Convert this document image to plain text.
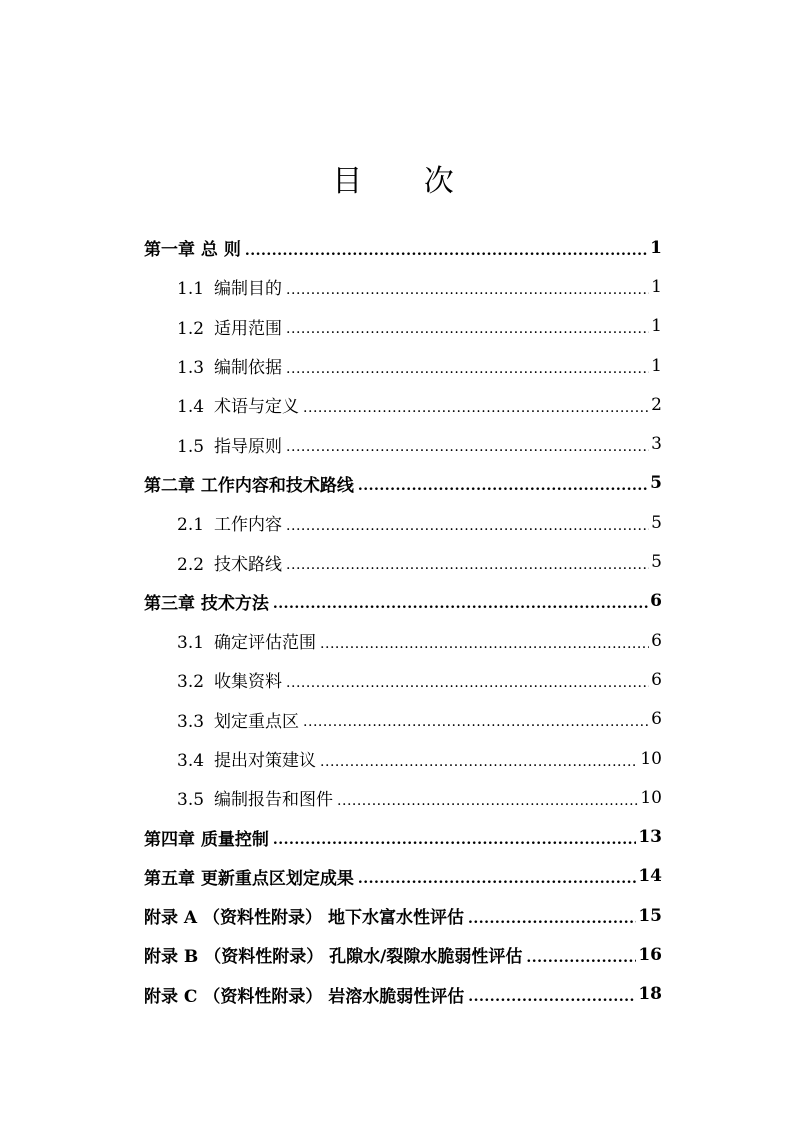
目 次
第一章 总 则 .....	1
1.1 编制目的 .....	1
1.2 适用范围 .....	1
1.3 编制依据 .....	1
1.4 术语与定义 .....	2
1.5 指导原则 .....	3
第二章 工作内容和技术路线 .....	5
2.1 工作内容 .....	5
2.2 技术路线 .....	5
第三章 技术方法 .....	6
3.1 确定评估范围 .....	6
3.2 收集资料 .....	6
3.3 划定重点区 .....	6
3.4 提出对策建议 .....	10
3.5 编制报告和图件 .....	10
第四章 质量控制 .....	13
第五章 更新重点区划定成果 .....	14
附录 A （资料性附录） 地下水富水性评估 .....	15
附录 B （资料性附录） 孔隙水/裂隙水脆弱性评估 .....	16
附录 C （资料性附录） 岩溶水脆弱性评估 .....	18
